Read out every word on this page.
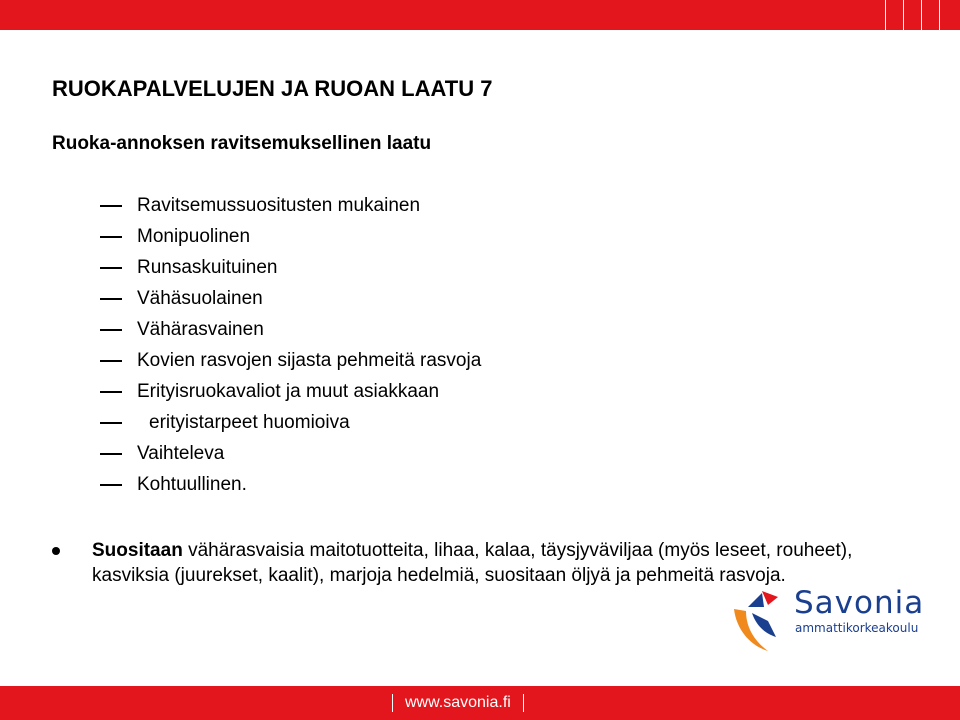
RUOKAPALVELUJEN JA RUOAN LAATU 7
Ruoka-annoksen ravitsemuksellinen laatu
Ravitsemussuositusten mukainen
Monipuolinen
Runsaskuituinen
Vähäsuolainen
Vähärasvainen
Kovien rasvojen sijasta pehmeitä rasvoja
Erityisruokavaliot ja muut asiakkaan
erityistarpeet huomioiva
Vaihteleva
Kohtuullinen.
Suositaan vähärasvaisia maitotuotteita, lihaa, kalaa, täysjyväviljaa (myös leseet, rouheet), kasviksia (juurekset, kaalit), marjoja hedelmiä, suositaan öljyä ja pehmeitä rasvoja.
Savonia
ammattikorkeakoulu
www.savonia.fi
